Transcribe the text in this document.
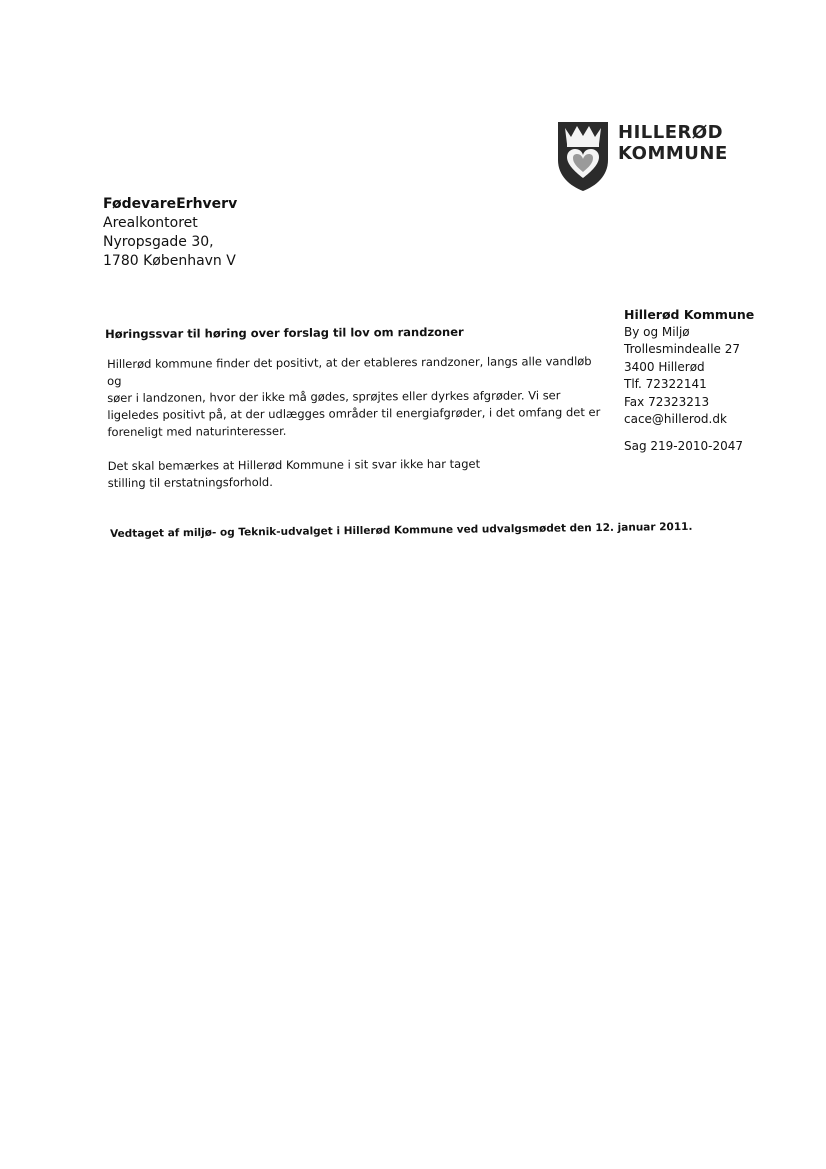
HILLERØD
KOMMUNE
FødevareErhverv
Arealkontoret
Nyropsgade 30,
1780 København V
Hillerød Kommune
By og Miljø
Trollesmindealle 27
3400 Hillerød
Tlf. 72322141
Fax 72323213
cace@hillerod.dk
Sag 219-2010-2047
Høringssvar til høring over forslag til lov om randzoner

Hillerød kommune finder det positivt, at der etableres randzoner, langs alle vandløb og
søer i landzonen, hvor der ikke må gødes, sprøjtes eller dyrkes afgrøder. Vi ser
ligeledes positivt på, at der udlægges områder til energiafgrøder, i det omfang det er
foreneligt med naturinteresser.

Det skal bemærkes at Hillerød Kommune i sit svar ikke har taget
stilling til erstatningsforhold.

Vedtaget af miljø- og Teknik-udvalget i Hillerød Kommune ved udvalgsmødet den 12. januar 2011.
